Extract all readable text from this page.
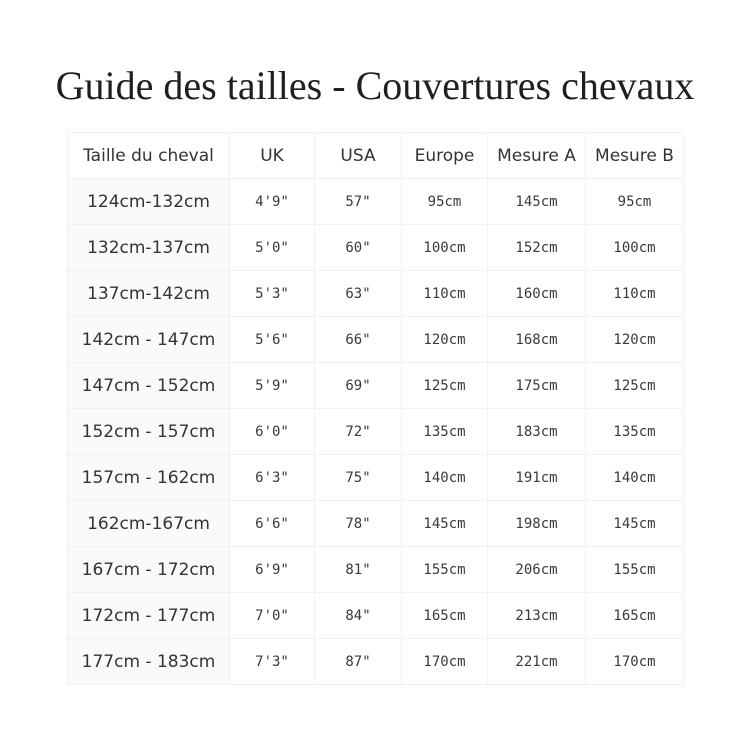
Guide des tailles - Couvertures chevaux
Taille du cheval	UK	USA	Europe	Mesure A	Mesure B
124cm-132cm	4'9"	57"	95cm	145cm	95cm
132cm-137cm	5'0"	60"	100cm	152cm	100cm
137cm-142cm	5'3"	63"	110cm	160cm	110cm
142cm - 147cm	5'6"	66"	120cm	168cm	120cm
147cm - 152cm	5'9"	69"	125cm	175cm	125cm
152cm - 157cm	6'0"	72"	135cm	183cm	135cm
157cm - 162cm	6'3"	75"	140cm	191cm	140cm
162cm-167cm	6'6"	78"	145cm	198cm	145cm
167cm - 172cm	6'9"	81"	155cm	206cm	155cm
172cm - 177cm	7'0"	84"	165cm	213cm	165cm
177cm - 183cm	7'3"	87"	170cm	221cm	170cm
